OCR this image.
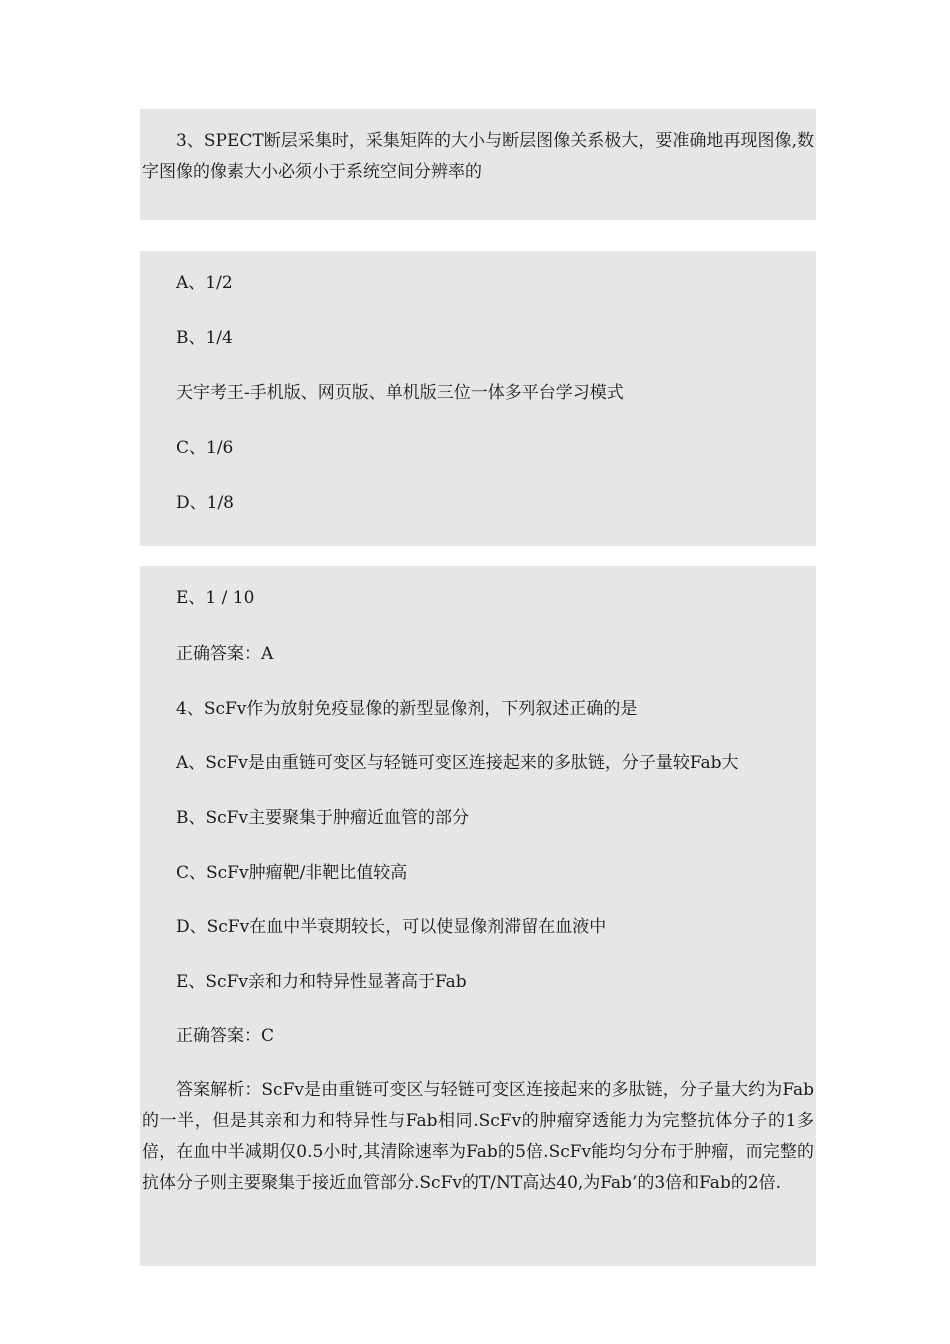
3、SPECT断层采集时，采集矩阵的大小与断层图像关系极大，要准确地再现图像,数字图像的像素大小必须小于系统空间分辨率的
A、1/2
B、1/4
天宇考王-手机版、网页版、单机版三位一体多平台学习模式
C、1/6
D、1/8
E、1 / 10
正确答案：A
4、ScFv作为放射免疫显像的新型显像剂，下列叙述正确的是
A、ScFv是由重链可变区与轻链可变区连接起来的多肽链，分子量较Fab大
B、ScFv主要聚集于肿瘤近血管的部分
C、ScFv肿瘤靶/非靶比值较高
D、ScFv在血中半衰期较长，可以使显像剂滞留在血液中
E、ScFv亲和力和特异性显著高于Fab
正确答案：C
答案解析：ScFv是由重链可变区与轻链可变区连接起来的多肽链，分子量大约为Fab的一半，但是其亲和力和特异性与Fab相同.ScFv的肿瘤穿透能力为完整抗体分子的1多倍，在血中半减期仅0.5小时,其清除速率为Fab的5倍.ScFv能均匀分布于肿瘤，而完整的抗体分子则主要聚集于接近血管部分.ScFv的T/NT高达40,为Fab’的3倍和Fab的2倍.
